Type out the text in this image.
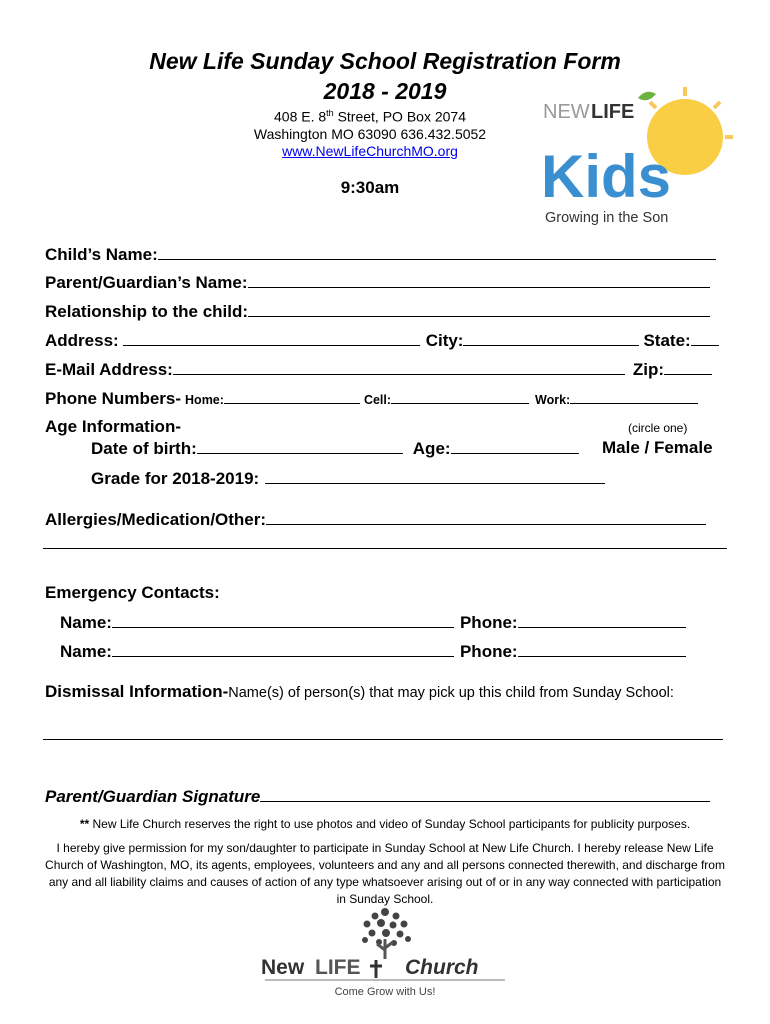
New Life Sunday School Registration Form
2018 - 2019
408 E. 8th Street, PO Box 2074
Washington MO 63090 636.432.5052
www.NewLifeChurchMO.org
9:30am
NEW LIFE
Kids
Growing in the Son
Child’s Name:
Parent/Guardian’s Name:
Relationship to the child:
Address:	City:	State:
E-Mail Address:	Zip:
Phone Numbers- Home:	Cell:	Work:
Age Information-	(circle one)
Date of birth:	Age:	Male / Female
Grade for 2018-2019:
Allergies/Medication/Other:
Emergency Contacts:
Name:	Phone:
Name:	Phone:
Dismissal Information- Name(s) of person(s) that may pick up this child from Sunday School:
Parent/Guardian Signature
** New Life Church reserves the right to use photos and video of Sunday School participants for publicity purposes.
I hereby give permission for my son/daughter to participate in Sunday School at New Life Church. I hereby release New Life Church of Washington, MO, its agents, employees, volunteers and any and all persons connected therewith, and discharge from any and all liability claims and causes of action of any type whatsoever arising out of or in any way connected with participation in Sunday School.
New LIFE Church
Come Grow with Us!
